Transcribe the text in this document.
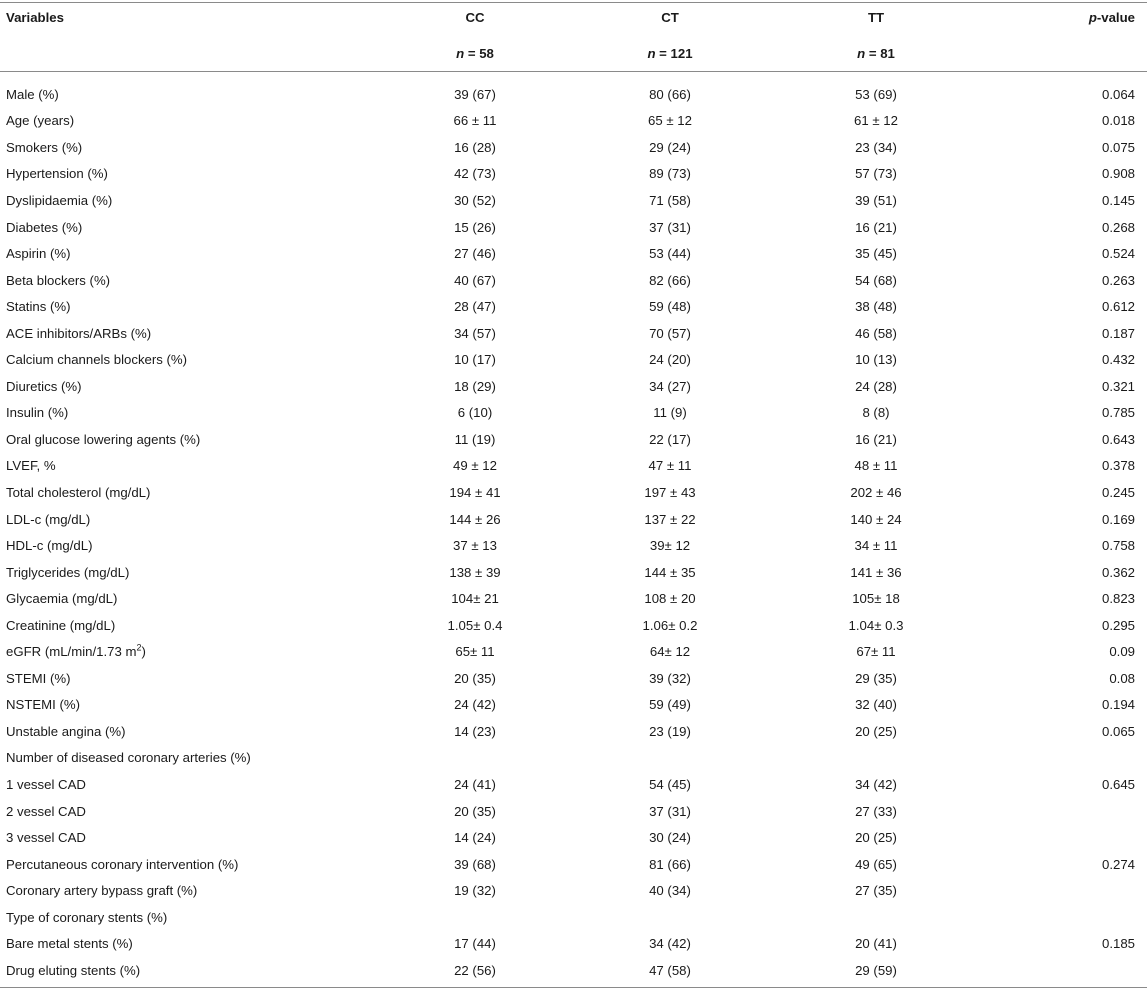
Variables	CC	CT	TT	p-value
	n = 58	n = 121	n = 81	

Male (%)	39 (67)	80 (66)	53 (69)	0.064
Age (years)	66 ± 11	65 ± 12	61 ± 12	0.018
Smokers (%)	16 (28)	29 (24)	23 (34)	0.075
Hypertension (%)	42 (73)	89 (73)	57 (73)	0.908
Dyslipidaemia (%)	30 (52)	71 (58)	39 (51)	0.145
Diabetes (%)	15 (26)	37 (31)	16 (21)	0.268
Aspirin (%)	27 (46)	53 (44)	35 (45)	0.524
Beta blockers (%)	40 (67)	82 (66)	54 (68)	0.263
Statins (%)	28 (47)	59 (48)	38 (48)	0.612
ACE inhibitors/ARBs (%)	34 (57)	70 (57)	46 (58)	0.187
Calcium channels blockers (%)	10 (17)	24 (20)	10 (13)	0.432
Diuretics (%)	18 (29)	34 (27)	24 (28)	0.321
Insulin (%)	6 (10)	11 (9)	8 (8)	0.785
Oral glucose lowering agents (%)	11 (19)	22 (17)	16 (21)	0.643
LVEF, %	49 ± 12	47 ± 11	48 ± 11	0.378
Total cholesterol (mg/dL)	194 ± 41	197 ± 43	202 ± 46	0.245
LDL-c (mg/dL)	144 ± 26	137 ± 22	140 ± 24	0.169
HDL-c (mg/dL)	37 ± 13	39± 12	34 ± 11	0.758
Triglycerides (mg/dL)	138 ± 39	144 ± 35	141 ± 36	0.362
Glycaemia (mg/dL)	104± 21	108 ± 20	105± 18	0.823
Creatinine (mg/dL)	1.05± 0.4	1.06± 0.2	1.04± 0.3	0.295
eGFR (mL/min/1.73 $m^2$)	65± 11	64± 12	67± 11	0.09
STEMI (%)	20 (35)	39 (32)	29 (35)	0.08
NSTEMI (%)	24 (42)	59 (49)	32 (40)	0.194
Unstable angina (%)	14 (23)	23 (19)	20 (25)	0.065
Number of diseased coronary arteries (%)				
1 vessel CAD	24 (41)	54 (45)	34 (42)	0.645
2 vessel CAD	20 (35)	37 (31)	27 (33)	
3 vessel CAD	14 (24)	30 (24)	20 (25)	
Percutaneous coronary intervention (%)	39 (68)	81 (66)	49 (65)	0.274
Coronary artery bypass graft (%)	19 (32)	40 (34)	27 (35)	
Type of coronary stents (%)				
Bare metal stents (%)	17 (44)	34 (42)	20 (41)	0.185
Drug eluting stents (%)	22 (56)	47 (58)	29 (59)	
